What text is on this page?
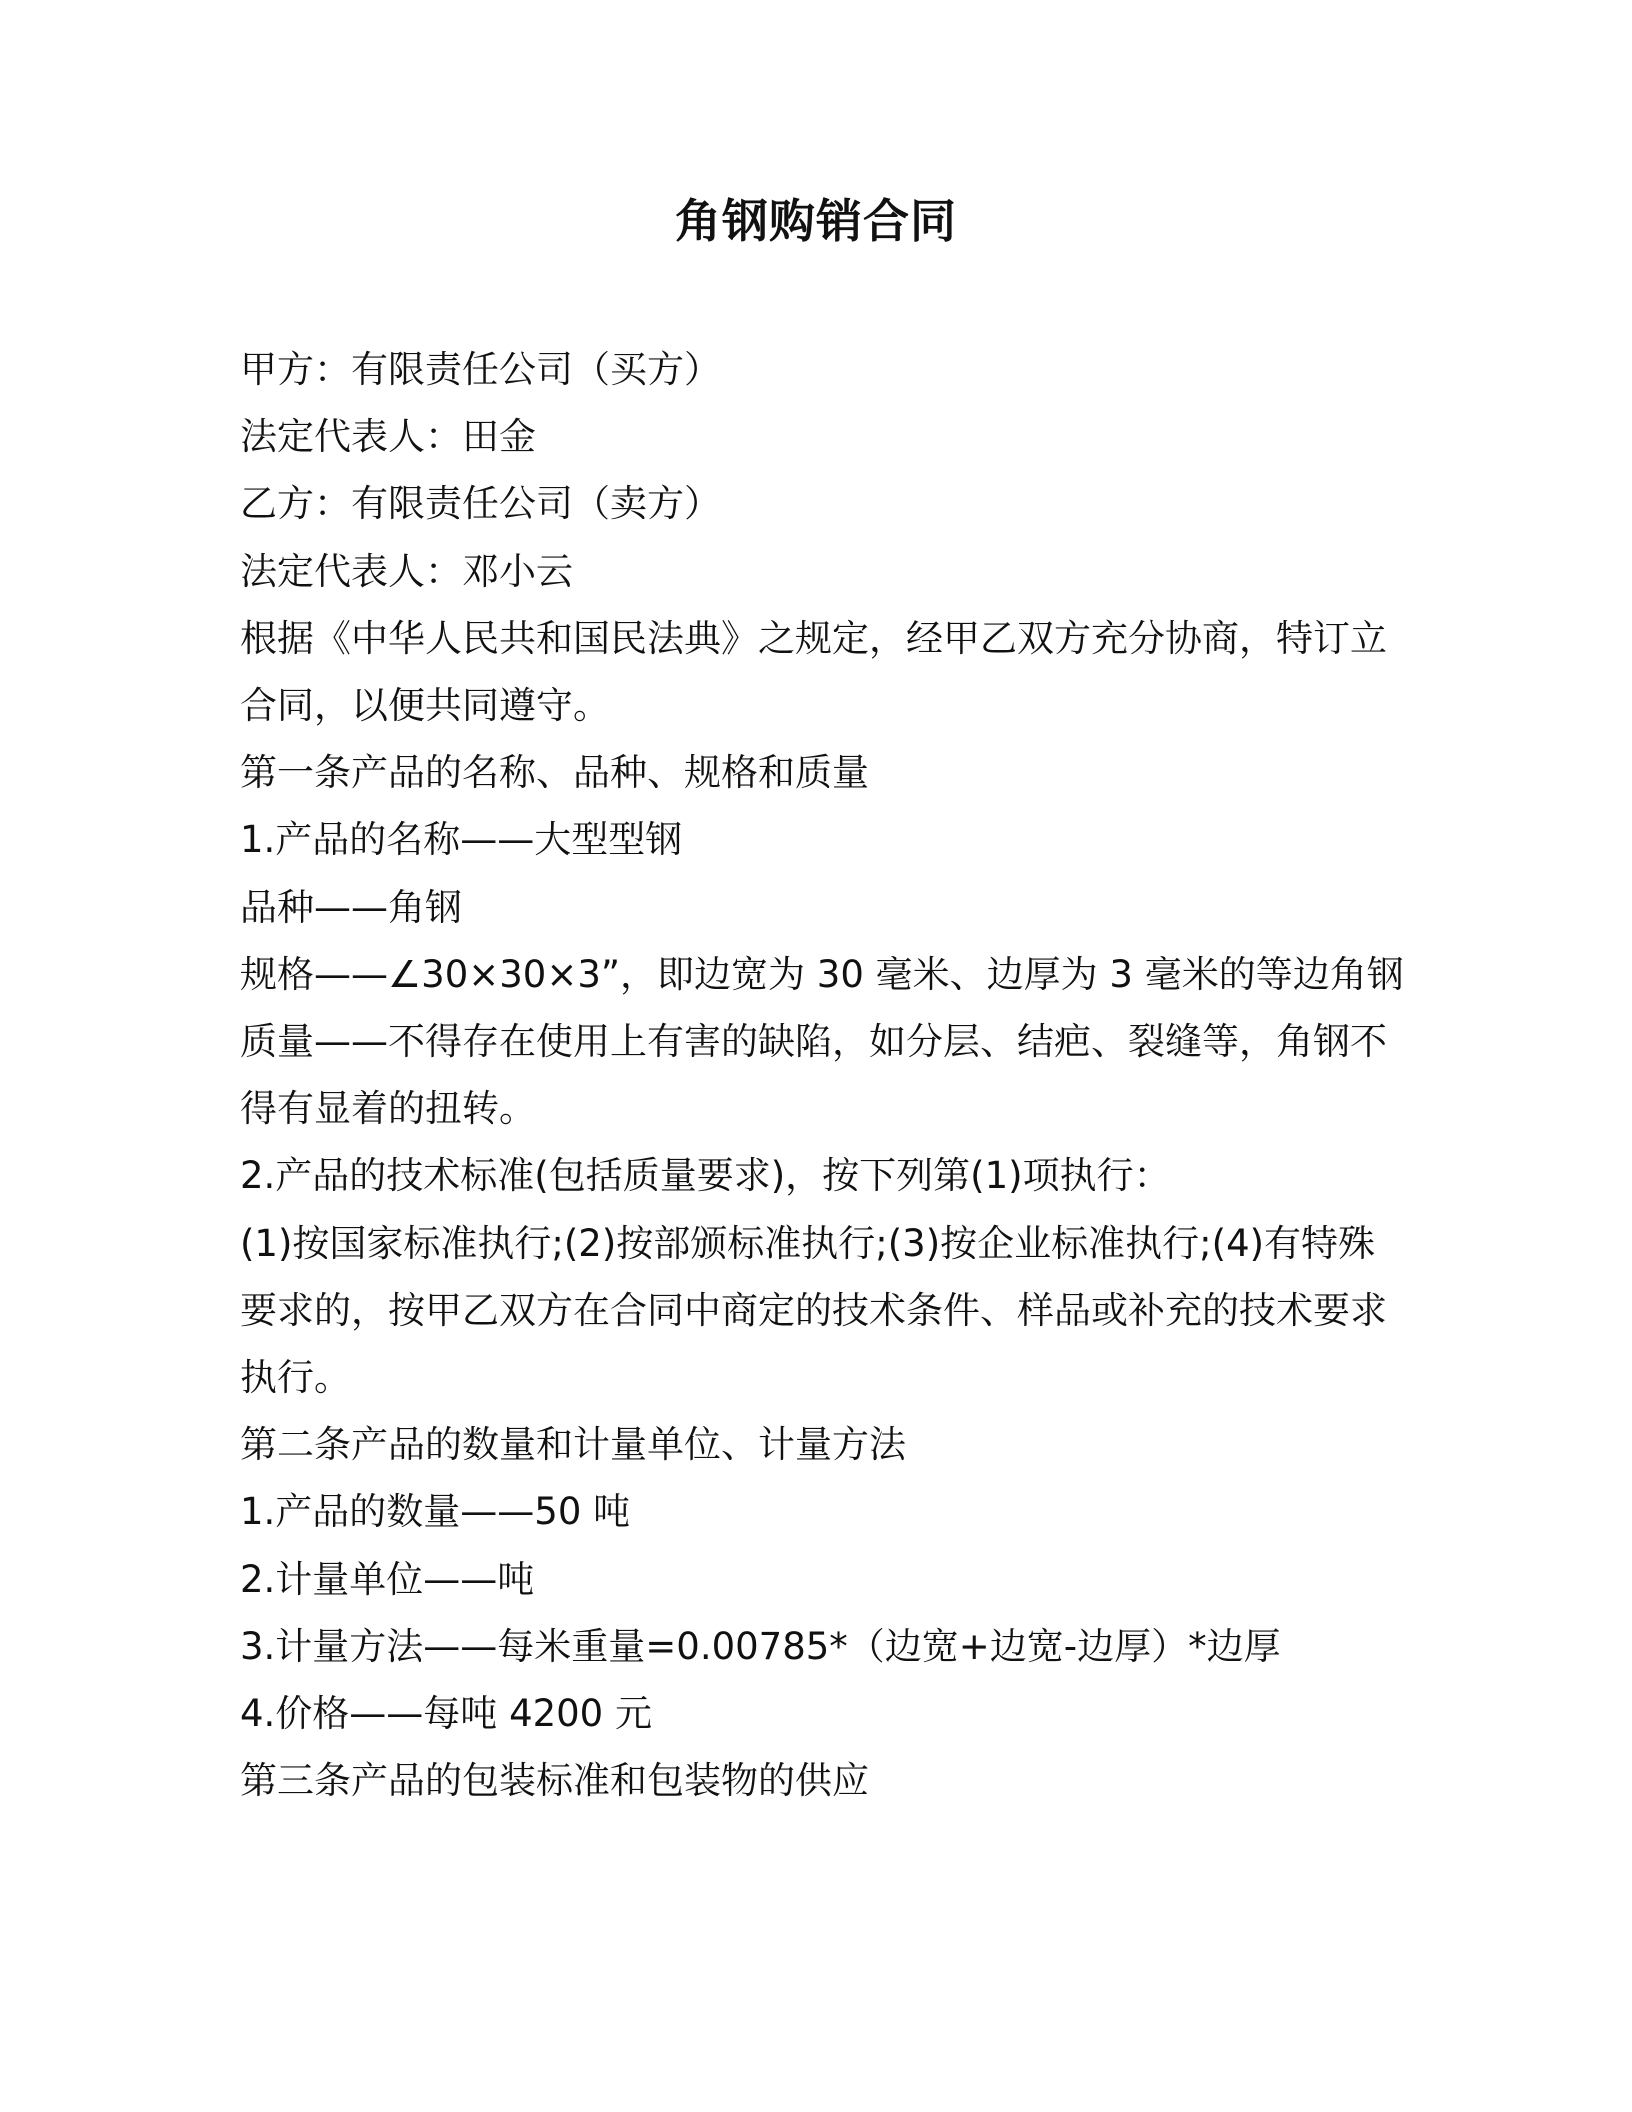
角钢购销合同

甲方：有限责任公司（买方）

法定代表人：田金

乙方：有限责任公司（卖方）

法定代表人：邓小云

根据《中华人民共和国民法典》之规定，经甲乙双方充分协商，特订立合同，以便共同遵守。

第一条产品的名称、品种、规格和质量

1.产品的名称——大型型钢

品种——角钢

规格——∠30×30×3”，即边宽为 30 毫米、边厚为 3 毫米的等边角钢

质量——不得存在使用上有害的缺陷，如分层、结疤、裂缝等，角钢不得有显着的扭转。

2.产品的技术标准(包括质量要求)，按下列第(1)项执行：

(1)按国家标准执行;(2)按部颁标准执行;(3)按企业标准执行;(4)有特殊要求的，按甲乙双方在合同中商定的技术条件、样品或补充的技术要求执行。

第二条产品的数量和计量单位、计量方法

1.产品的数量——50 吨

2.计量单位——吨

3.计量方法——每米重量=0.00785*（边宽+边宽-边厚）*边厚

4.价格——每吨 4200 元

第三条产品的包装标准和包装物的供应
